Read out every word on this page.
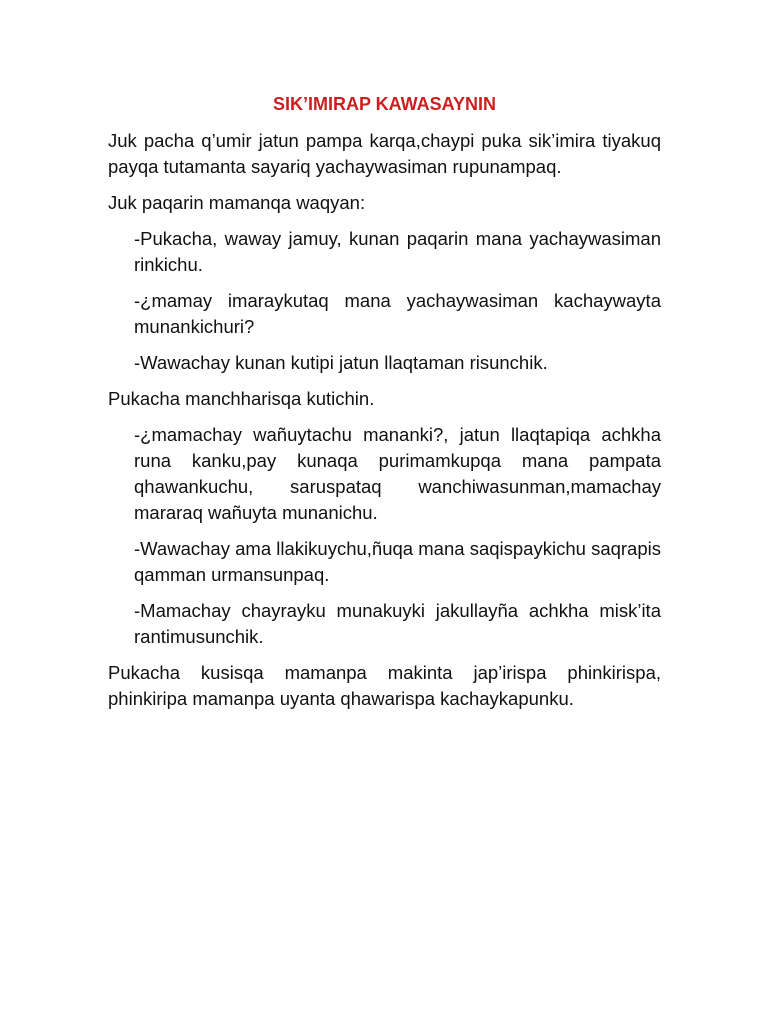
SIK’IMIRAP KAWASAYNIN

Juk pacha q’umir jatun pampa karqa,chaypi puka sik’imira tiyakuq payqa tutamanta sayariq yachaywasiman rupunampaq.

Juk paqarin mamanqa waqyan:

-Pukacha, waway jamuy, kunan paqarin mana yachaywasiman rinkichu.

-¿mamay imaraykutaq mana yachaywasiman kachaywayta munankichuri?

-Wawachay kunan kutipi jatun llaqtaman risunchik.

Pukacha manchharisqa kutichin.

-¿mamachay wañuytachu mananki?, jatun llaqtapiqa achkha runa kanku,pay kunaqa purimamkupqa mana pampata qhawankuchu, saruspataq wanchiwasunman,mamachay mararaq wañuyta munanichu.

-Wawachay ama llakikuychu,ñuqa mana saqispaykichu saqrapis qamman urmansunpaq.

-Mamachay chayrayku munakuyki jakullayña achkha misk’ita rantimusunchik.

Pukacha kusisqa mamanpa makinta jap’irispa phinkirispa, phinkiripa mamanpa uyanta qhawarispa kachaykapunku.
